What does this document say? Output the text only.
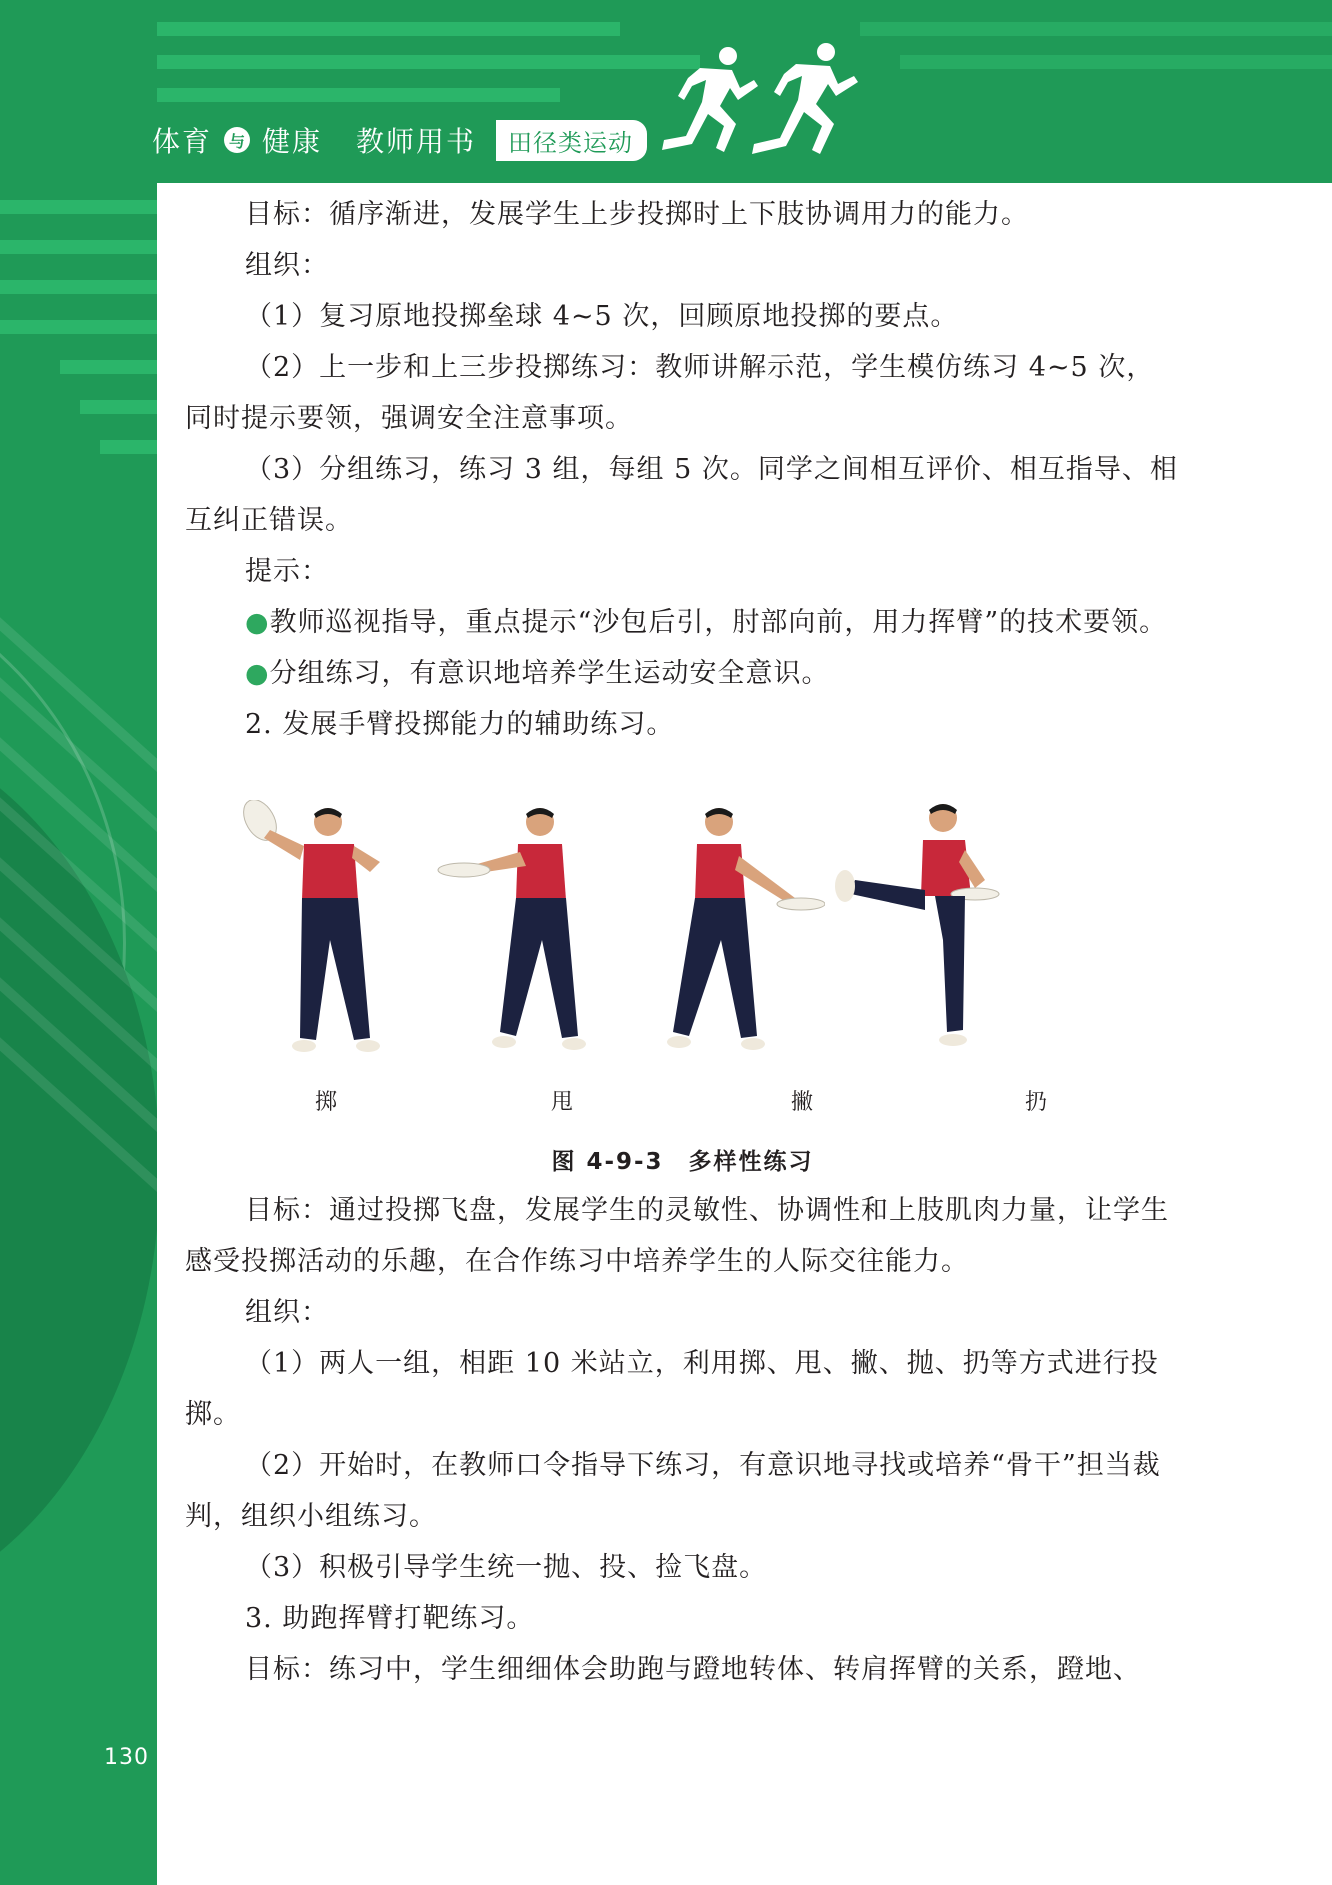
体育	与 健康 教师用书	田径类运动

目标：循序渐进，发展学生上步投掷时上下肢协调用力的能力。

组织：

（1）复习原地投掷垒球 4~5 次，回顾原地投掷的要点。

（2）上一步和上三步投掷练习：教师讲解示范，学生模仿练习 4~5 次，同时提示要领，强调安全注意事项。

（3）分组练习，练习 3 组，每组 5 次。同学之间相互评价、相互指导、相互纠正错误。

提示：

●教师巡视指导，重点提示“沙包后引，肘部向前，用力挥臂”的技术要领。

●分组练习，有意识地培养学生运动安全意识。

2. 发展手臂投掷能力的辅助练习。

掷	甩	撇	扔
图 4-9-3　多样性练习

目标：通过投掷飞盘，发展学生的灵敏性、协调性和上肢肌肉力量，让学生感受投掷活动的乐趣，在合作练习中培养学生的人际交往能力。

组织：

（1）两人一组，相距 10 米站立，利用掷、甩、撇、抛、扔等方式进行投掷。

（2）开始时，在教师口令指导下练习，有意识地寻找或培养“骨干”担当裁判，组织小组练习。

（3）积极引导学生统一抛、投、捡飞盘。

3. 助跑挥臂打靶练习。

目标：练习中，学生细细体会助跑与蹬地转体、转肩挥臂的关系，蹬地、

130
